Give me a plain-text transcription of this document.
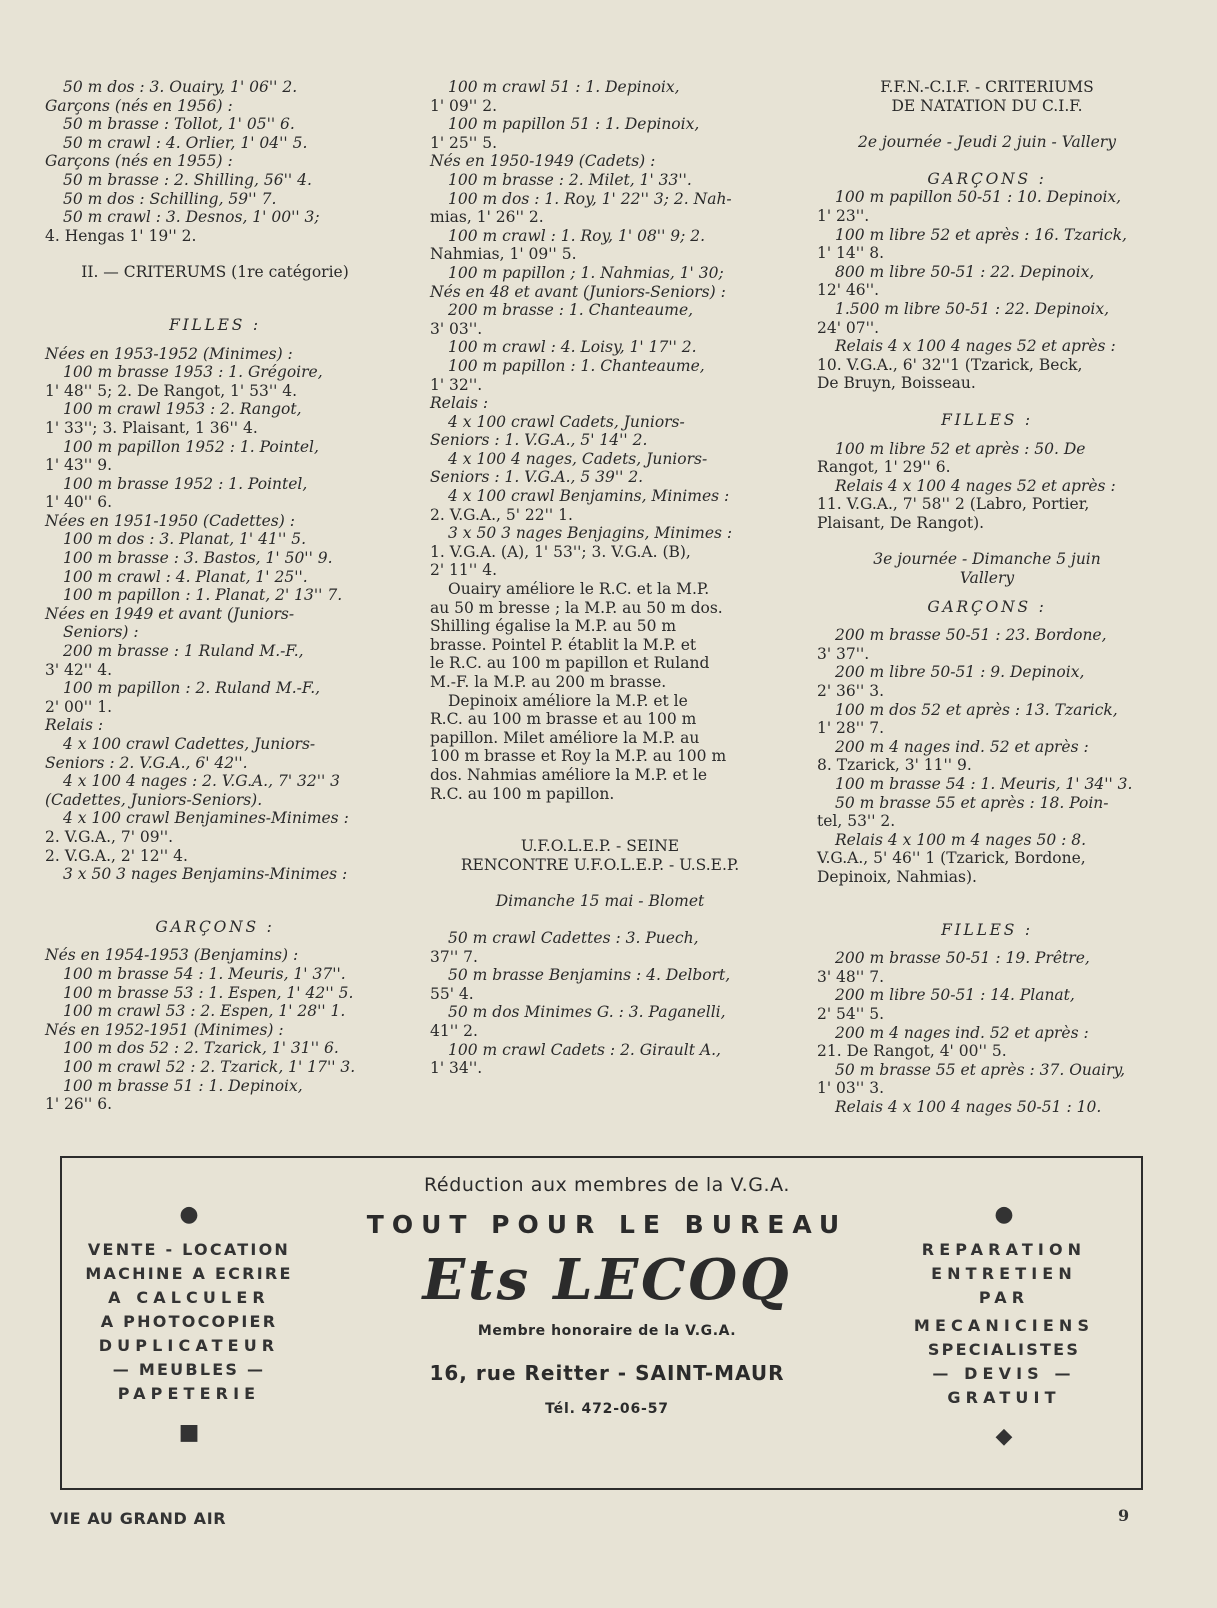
50 m dos : 3. Ouairy, 1' 06'' 2.
Garçons (nés en 1956) :
50 m brasse : Tollot, 1' 05'' 6.
50 m crawl : 4. Orlier, 1' 04'' 5.
Garçons (nés en 1955) :
50 m brasse : 2. Shilling, 56'' 4.
50 m dos : Schilling, 59'' 7.
50 m crawl : 3. Desnos, 1' 00'' 3;
4. Hengas 1' 19'' 2.
II. — CRITERUMS (1re catégorie)
FILLES :
Nées en 1953-1952 (Minimes) :
100 m brasse 1953 : 1. Grégoire,
1' 48'' 5; 2. De Rangot, 1' 53'' 4.
100 m crawl 1953 : 2. Rangot,
1' 33''; 3. Plaisant, 1 36'' 4.
100 m papillon 1952 : 1. Pointel,
1' 43'' 9.
100 m brasse 1952 : 1. Pointel,
1' 40'' 6.
Nées en 1951-1950 (Cadettes) :
100 m dos : 3. Planat, 1' 41'' 5.
100 m brasse : 3. Bastos, 1' 50'' 9.
100 m crawl : 4. Planat, 1' 25''.
100 m papillon : 1. Planat, 2' 13'' 7.
Nées en 1949 et avant (Juniors-
Seniors) :
200 m brasse : 1 Ruland M.-F.,
3' 42'' 4.
100 m papillon : 2. Ruland M.-F.,
2' 00'' 1.
Relais :
4 x 100 crawl Cadettes, Juniors-
Seniors : 2. V.G.A., 6' 42''.
4 x 100 4 nages : 2. V.G.A., 7' 32'' 3
(Cadettes, Juniors-Seniors).
4 x 100 crawl Benjamines-Minimes :
2. V.G.A., 7' 09''.
2. V.G.A., 2' 12'' 4.
3 x 50 3 nages Benjamins-Minimes :
GARÇONS :
Nés en 1954-1953 (Benjamins) :
100 m brasse 54 : 1. Meuris, 1' 37''.
100 m brasse 53 : 1. Espen, 1' 42'' 5.
100 m crawl 53 : 2. Espen, 1' 28'' 1.
Nés en 1952-1951 (Minimes) :
100 m dos 52 : 2. Tzarick, 1' 31'' 6.
100 m crawl 52 : 2. Tzarick, 1' 17'' 3.
100 m brasse 51 : 1. Depinoix,
1' 26'' 6.
100 m crawl 51 : 1. Depinoix,
1' 09'' 2.
100 m papillon 51 : 1. Depinoix,
1' 25'' 5.
Nés en 1950-1949 (Cadets) :
100 m brasse : 2. Milet, 1' 33''.
100 m dos : 1. Roy, 1' 22'' 3; 2. Nah-
mias, 1' 26'' 2.
100 m crawl : 1. Roy, 1' 08'' 9; 2.
Nahmias, 1' 09'' 5.
100 m papillon ; 1. Nahmias, 1' 30;
Nés en 48 et avant (Juniors-Seniors) :
200 m brasse : 1. Chanteaume,
3' 03''.
100 m crawl : 4. Loisy, 1' 17'' 2.
100 m papillon : 1. Chanteaume,
1' 32''.
Relais :
4 x 100 crawl Cadets, Juniors-
Seniors : 1. V.G.A., 5' 14'' 2.
4 x 100 4 nages, Cadets, Juniors-
Seniors : 1. V.G.A., 5 39'' 2.
4 x 100 crawl Benjamins, Minimes :
2. V.G.A., 5' 22'' 1.
3 x 50 3 nages Benjagins, Minimes :
1. V.G.A. (A), 1' 53''; 3. V.G.A. (B),
2' 11'' 4.
Ouairy améliore le R.C. et la M.P.
au 50 m bresse ; la M.P. au 50 m dos.
Shilling égalise la M.P. au 50 m
brasse. Pointel P. établit la M.P. et
le R.C. au 100 m papillon et Ruland
M.-F. la M.P. au 200 m brasse.
Depinoix améliore la M.P. et le
R.C. au 100 m brasse et au 100 m
papillon. Milet améliore la M.P. au
100 m brasse et Roy la M.P. au 100 m
dos. Nahmias améliore la M.P. et le
R.C. au 100 m papillon.
U.F.O.L.E.P. - SEINE
RENCONTRE U.F.O.L.E.P. - U.S.E.P.
Dimanche 15 mai - Blomet
50 m crawl Cadettes : 3. Puech,
37'' 7.
50 m brasse Benjamins : 4. Delbort,
55' 4.
50 m dos Minimes G. : 3. Paganelli,
41'' 2.
100 m crawl Cadets : 2. Girault A.,
1' 34''.
F.F.N.-C.I.F. - CRITERIUMS
DE NATATION DU C.I.F.
2e journée - Jeudi 2 juin - Vallery
GARÇONS :
100 m papillon 50-51 : 10. Depinoix,
1' 23''.
100 m libre 52 et après : 16. Tzarick,
1' 14'' 8.
800 m libre 50-51 : 22. Depinoix,
12' 46''.
1.500 m libre 50-51 : 22. Depinoix,
24' 07''.
Relais 4 x 100 4 nages 52 et après :
10. V.G.A., 6' 32''1 (Tzarick, Beck,
De Bruyn, Boisseau.
FILLES :
100 m libre 52 et après : 50. De
Rangot, 1' 29'' 6.
Relais 4 x 100 4 nages 52 et après :
11. V.G.A., 7' 58'' 2 (Labro, Portier,
Plaisant, De Rangot).
3e journée - Dimanche 5 juin
Vallery
GARÇONS :
200 m brasse 50-51 : 23. Bordone,
3' 37''.
200 m libre 50-51 : 9. Depinoix,
2' 36'' 3.
100 m dos 52 et après : 13. Tzarick,
1' 28'' 7.
200 m 4 nages ind. 52 et après :
8. Tzarick, 3' 11'' 9.
100 m brasse 54 : 1. Meuris, 1' 34'' 3.
50 m brasse 55 et après : 18. Poin-
tel, 53'' 2.
Relais 4 x 100 m 4 nages 50 : 8.
V.G.A., 5' 46'' 1 (Tzarick, Bordone,
Depinoix, Nahmias).
FILLES :
200 m brasse 50-51 : 19. Prêtre,
3' 48'' 7.
200 m libre 50-51 : 14. Planat,
2' 54'' 5.
200 m 4 nages ind. 52 et après :
21. De Rangot, 4' 00'' 5.
50 m brasse 55 et après : 37. Ouairy,
1' 03'' 3.
Relais 4 x 100 4 nages 50-51 : 10.
●
VENTE - LOCATION
MACHINE A ECRIRE
A CALCULER
A PHOTOCOPIER
DUPLICATEUR
— MEUBLES —
PAPETERIE
■
Réduction aux membres de la V.G.A.
TOUT POUR LE BUREAU
Ets LECOQ
Membre honoraire de la V.G.A.
16, rue Reitter - SAINT-MAUR
Tél. 472-06-57
●
REPARATION
ENTRETIEN
PAR
MECANICIENS
SPECIALISTES
— DEVIS —
GRATUIT
◆
VIE AU GRAND AIR	9
